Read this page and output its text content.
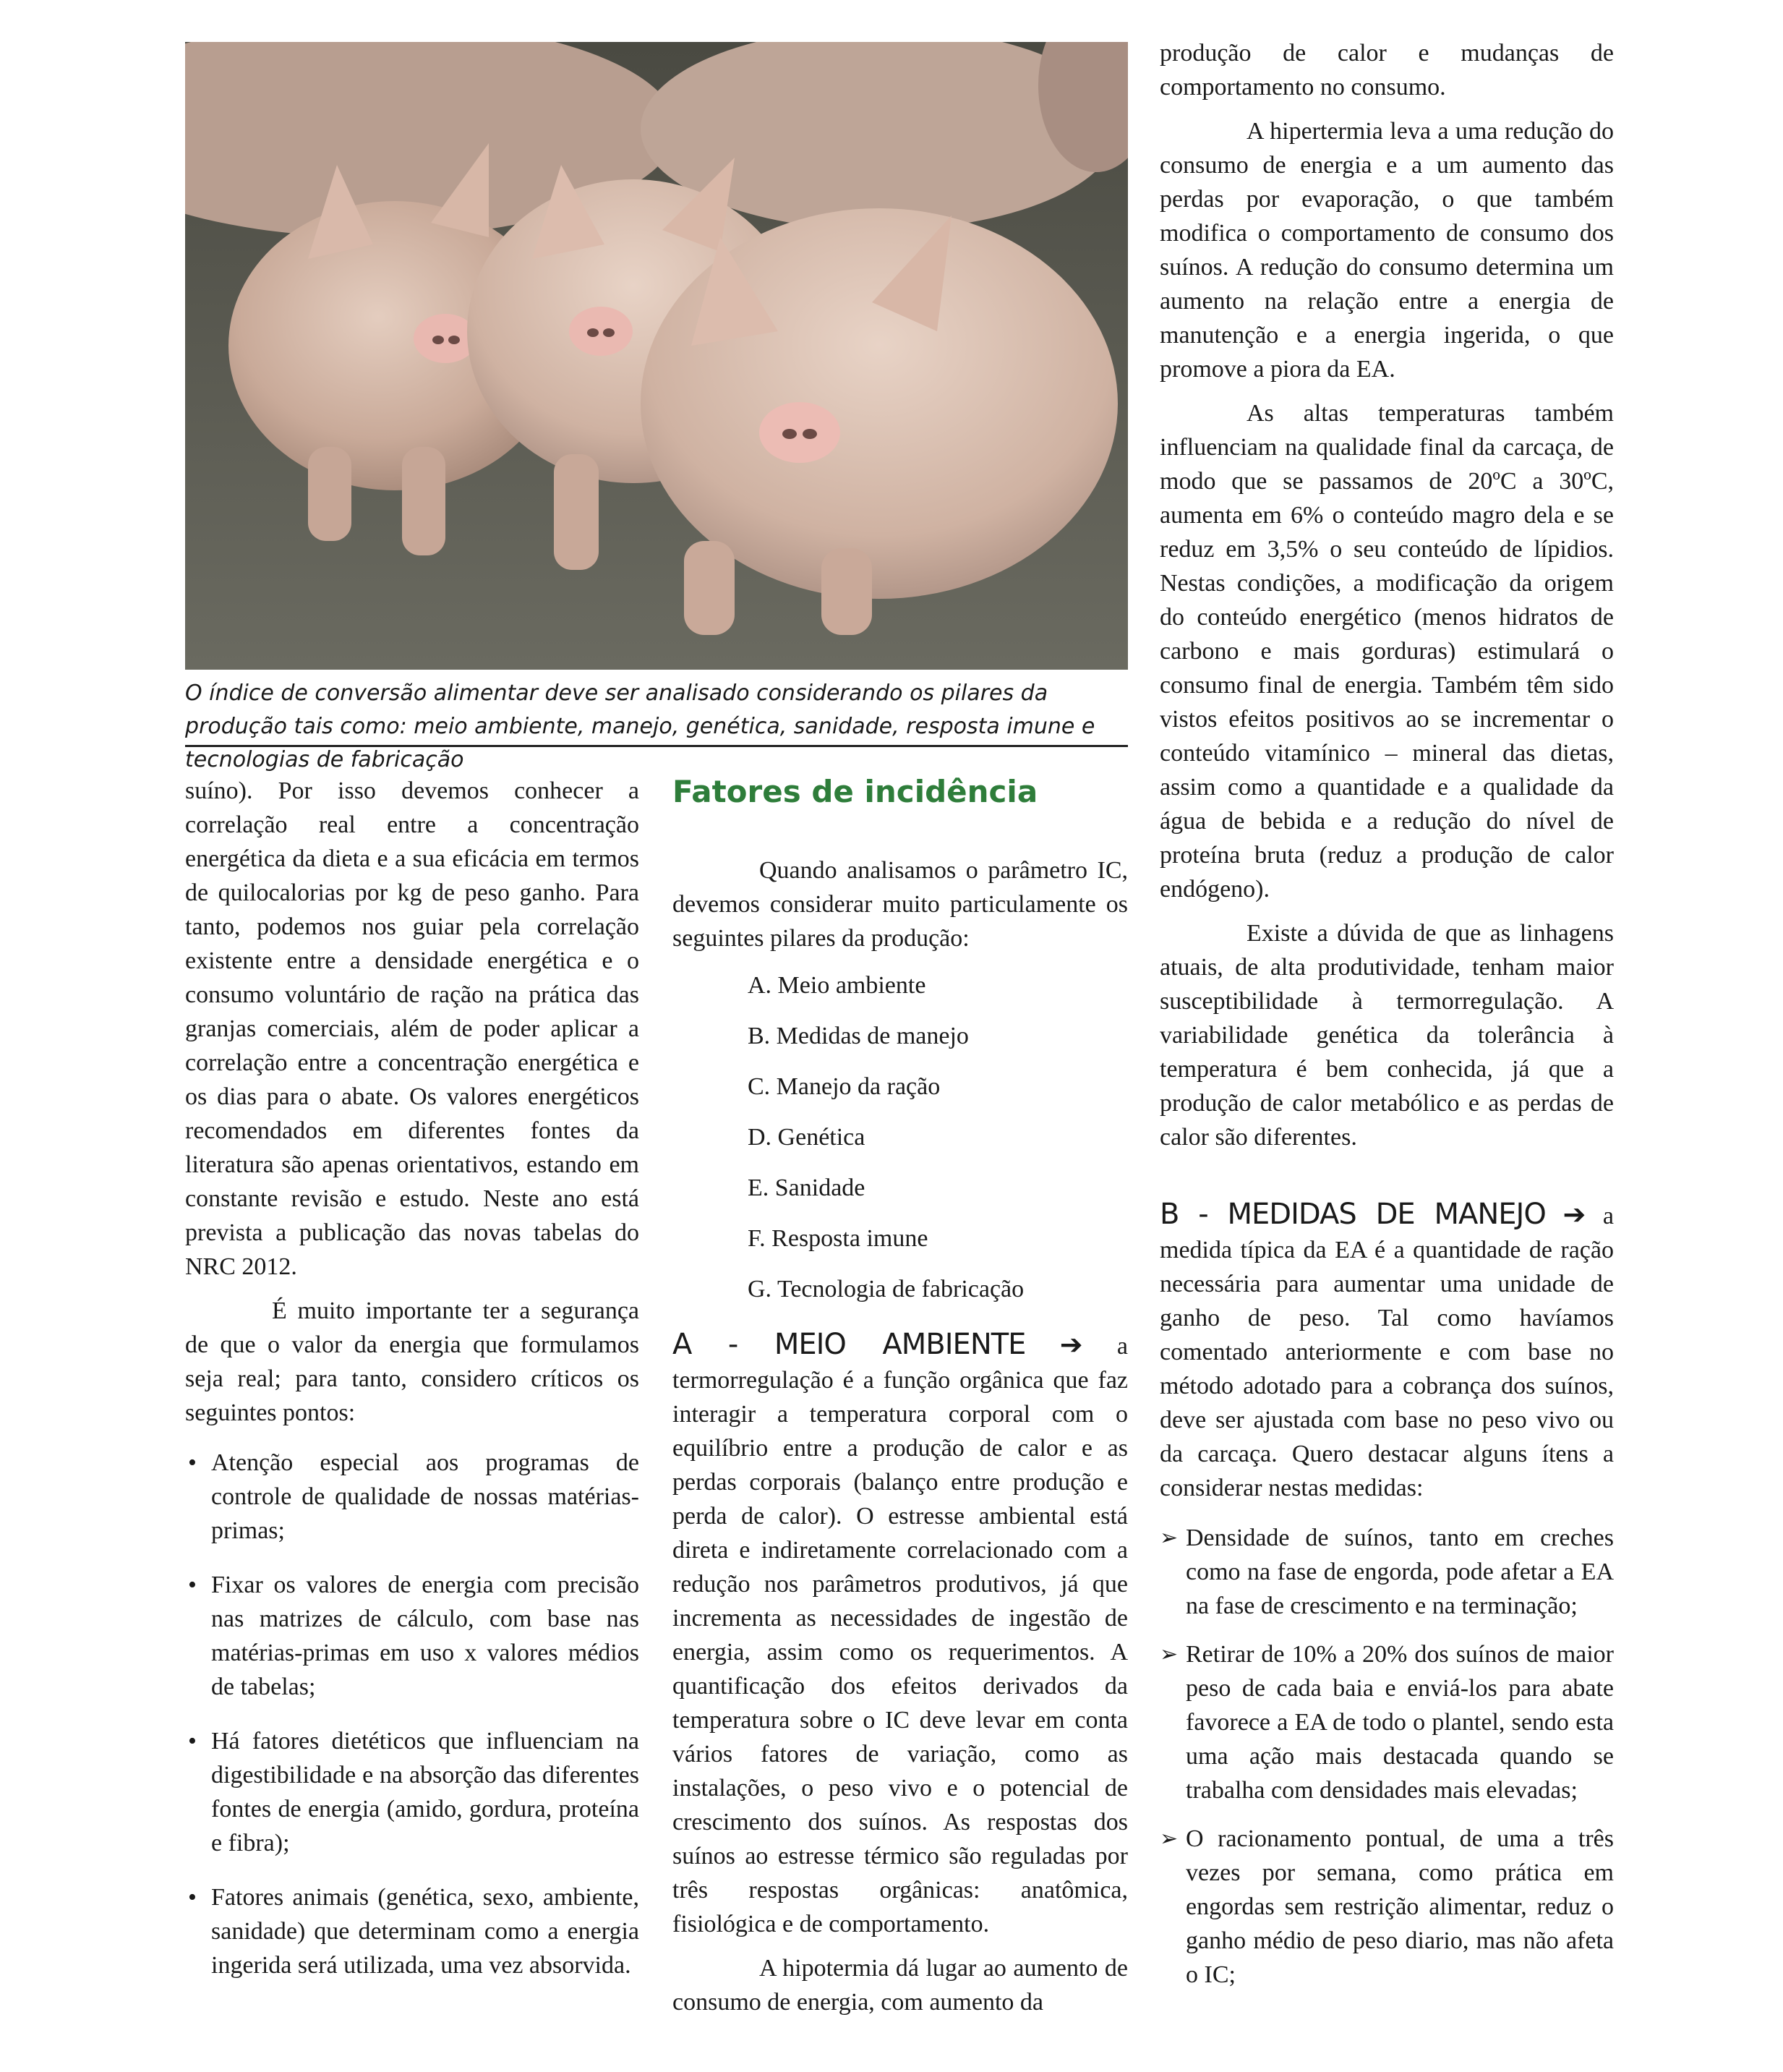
O índice de conversão alimentar deve ser analisado considerando os pilares da produção tais como: meio ambiente, manejo, genética, sanidade, resposta imune e tecnologias de fabricação

suíno). Por isso devemos conhecer a correlação real entre a concentração energética da dieta e a sua eficácia em termos de quilocalorias por kg de peso ganho. Para tanto, podemos nos guiar pela correlação existente entre a densidade energética e o consumo voluntário de ração na prática das granjas comerciais, além de poder aplicar a correlação entre a concentração energética e os dias para o abate. Os valores energéticos recomendados em diferentes fontes da literatura são apenas orientativos, estando em constante revisão e estudo. Neste ano está prevista a publicação das novas tabelas do NRC 2012.

É muito importante ter a segurança de que o valor da energia que formulamos seja real; para tanto, considero críticos os seguintes pontos:

• Atenção especial aos programas de controle de qualidade de nossas matérias-primas;
• Fixar os valores de energia com precisão nas matrizes de cálculo, com base nas matérias-primas em uso x valores médios de tabelas;
• Há fatores dietéticos que influenciam na digestibilidade e na absorção das diferentes fontes de energia (amido, gordura, proteína e fibra);
• Fatores animais (genética, sexo, ambiente, sanidade) que determinam como a energia ingerida será utilizada, uma vez absorvida.
Fatores de incidência

Quando analisamos o parâmetro IC, devemos considerar muito particulamente os seguintes pilares da produção:

A. Meio ambiente
B. Medidas de manejo
C. Manejo da ração
D. Genética
E. Sanidade
F. Resposta imune
G. Tecnologia de fabricação

A - MEIO AMBIENTE ➔ a termorregulação é a função orgânica que faz interagir a temperatura corporal com o equilíbrio entre a produção de calor e as perdas corporais (balanço entre produção e perda de calor). O estresse ambiental está direta e indiretamente correlacionado com a redução nos parâmetros produtivos, já que incrementa as necessidades de ingestão de energia, assim como os requerimentos. A quantificação dos efeitos derivados da temperatura sobre o IC deve levar em conta vários fatores de variação, como as instalações, o peso vivo e o potencial de crescimento dos suínos. As respostas dos suínos ao estresse térmico são reguladas por três respostas orgânicas: anatômica, fisiológica e de comportamento.

A hipotermia dá lugar ao aumento de consumo de energia, com aumento da

produção de calor e mudanças de comportamento no consumo.

A hipertermia leva a uma redução do consumo de energia e a um aumento das perdas por evaporação, o que também modifica o comportamento de consumo dos suínos. A redução do consumo determina um aumento na relação entre a energia de manutenção e a energia ingerida, o que promove a piora da EA.

As altas temperaturas também influenciam na qualidade final da carcaça, de modo que se passamos de 20ºC a 30ºC, aumenta em 6% o conteúdo magro dela e se reduz em 3,5% o seu conteúdo de lípidios. Nestas condições, a modificação da origem do conteúdo energético (menos hidratos de carbono e mais gorduras) estimulará o consumo final de energia. Também têm sido vistos efeitos positivos ao se incrementar o conteúdo vitamínico – mineral das dietas, assim como a quantidade e a qualidade da água de bebida e a redução do nível de proteína bruta (reduz a produção de calor endógeno).

Existe a dúvida de que as linhagens atuais, de alta produtividade, tenham maior susceptibilidade à termorregulação. A variabilidade genética da tolerância à temperatura é bem conhecida, já que a produção de calor metabólico e as perdas de calor são diferentes.

B - MEDIDAS DE MANEJO ➔ a medida típica da EA é a quantidade de ração necessária para aumentar uma unidade de ganho de peso. Tal como havíamos comentado anteriormente e com base no método adotado para a cobrança dos suínos, deve ser ajustada com base no peso vivo ou da carcaça. Quero destacar alguns ítens a considerar nestas medidas:

➢ Densidade de suínos, tanto em creches como na fase de engorda, pode afetar a EA na fase de crescimento e na terminação;
➢ Retirar de 10% a 20% dos suínos de maior peso de cada baia e enviá-los para abate favorece a EA de todo o plantel, sendo esta uma ação mais destacada quando se trabalha com densidades mais elevadas;
➢ O racionamento pontual, de uma a três vezes por semana, como prática em engordas sem restrição alimentar, reduz o ganho médio de peso diario, mas não afeta o IC;
